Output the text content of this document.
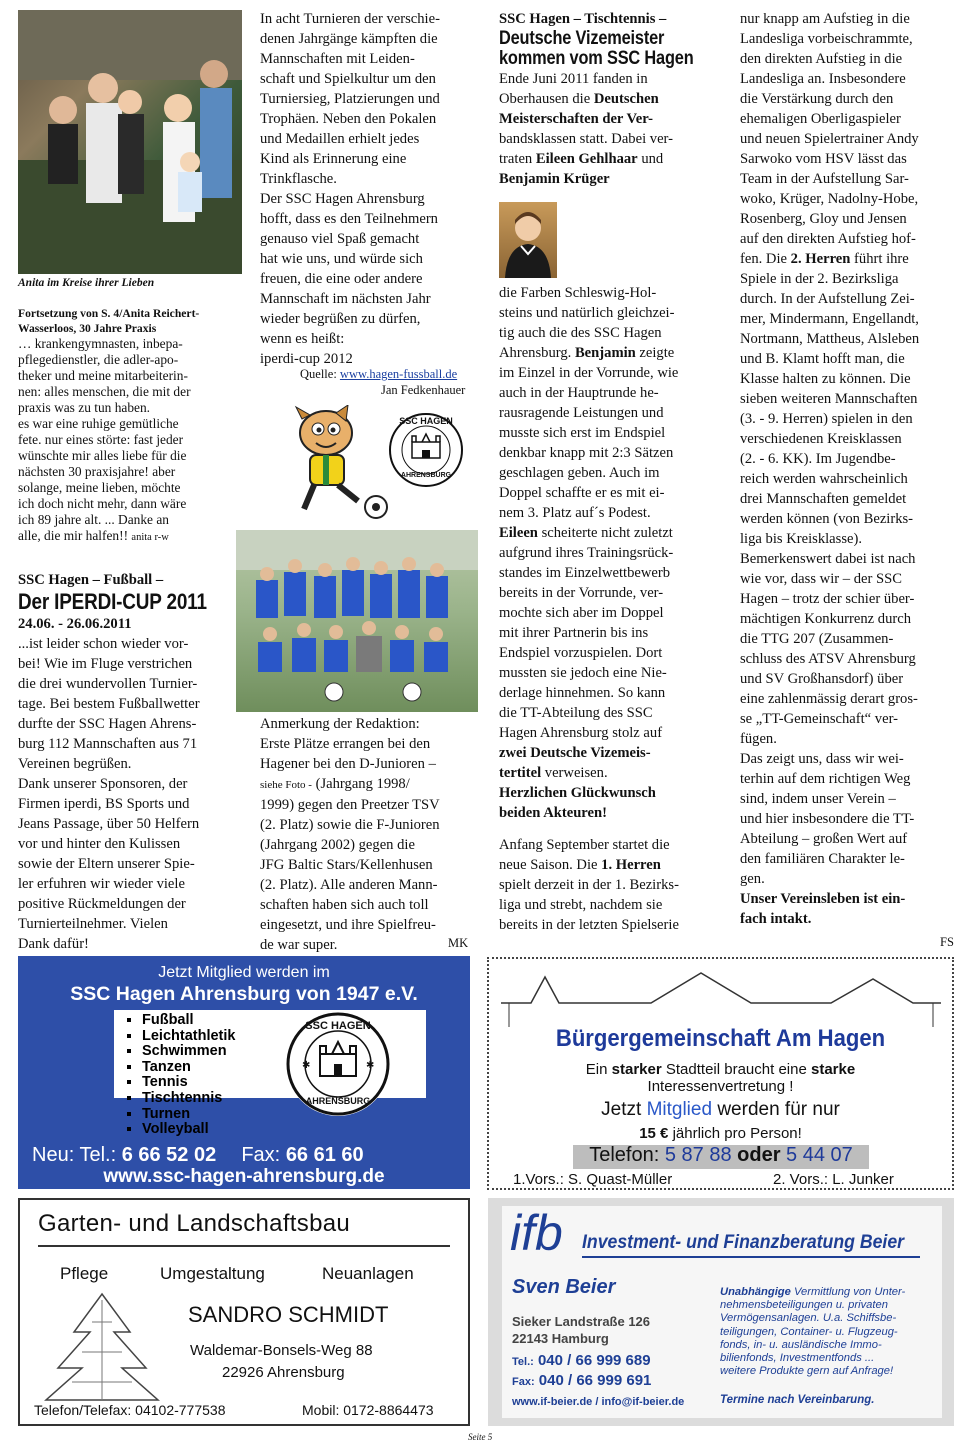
Anita im Kreise ihrer Lieben
Fortsetzung von S. 4/Anita Reichert-Wasserloos, 30 Jahre Praxis
… krankengymnasten, inbepa-
pflegedienstler, die adler-apo-
theker und meine mitarbeiterin-
nen: alles menschen, die mit der
praxis was zu tun haben.
es war eine ruhige gemütliche
fete. nur eines störte: fast jeder
wünschte mir alles liebe für die
nächsten 30 praxisjahre! aber
solange, meine lieben, möchte
ich doch nicht mehr, dann wäre
ich 89 jahre alt. ... Danke an
alle, die mir halfen!! anita r-w
SSC Hagen – Fußball –
Der IPERDI-CUP 2011
24.06. - 26.06.2011
...ist leider schon wieder vor-
bei! Wie im Fluge verstrichen
die drei wundervollen Turnier-
tage. Bei bestem Fußballwetter
durfte der SSC Hagen Ahrens-
burg 112 Mannschaften aus 71
Vereinen begrüßen.
Dank unserer Sponsoren, der
Firmen iperdi, BS Sports und
Jeans Passage, über 50 Helfern
vor und hinter den Kulissen
sowie der Eltern unserer Spie-
ler erfuhren wir wieder viele
positive Rückmeldungen der
Turnierteilnehmer. Vielen
Dank dafür!
In acht Turnieren der verschie-
denen Jahrgänge kämpften die
Mannschaften mit Leiden-
schaft und Spielkultur um den
Turniersieg, Platzierungen und
Trophäen. Neben den Pokalen
und Medaillen erhielt jedes
Kind als Erinnerung eine
Trinkflasche.
Der SSC Hagen Ahrensburg
hofft, dass es den Teilnehmern
genauso viel Spaß gemacht
hat wie uns, und würde sich
freuen, die eine oder andere
Mannschaft im nächsten Jahr
wieder begrüßen zu dürfen,
wenn es heißt:
iperdi-cup 2012
Quelle: www.hagen-fussball.de
Jan Fedkenhauer
SSC HAGEN
AHRENSBURG
Anmerkung der Redaktion:
Erste Plätze errangen bei den
Hagener bei den D-Junioren –
siehe Foto - (Jahrgang 1998/
1999) gegen den Preetzer TSV
(2. Platz) sowie die F-Junioren
(Jahrgang 2002) gegen die
JFG Baltic Stars/Kellenhusen
(2. Platz). Alle anderen Mann-
schaften haben sich auch toll
eingesetzt, und ihre Spielfreu-
de war super.	MK
SSC Hagen – Tischtennis –
Deutsche Vizemeister
kommen vom SSC Hagen
Ende Juni 2011 fanden in
Oberhausen die Deutschen
Meisterschaften der Ver-
bandsklassen statt. Dabei ver-
traten Eileen Gehlhaar und
Benjamin Krüger
die Farben Schleswig-Hol-
steins und natürlich gleichzei-
tig auch die des SSC Hagen
Ahrensburg. Benjamin zeigte
im Einzel in der Vorrunde, wie
auch in der Hauptrunde he-
rausragende Leistungen und
musste sich erst im Endspiel
denkbar knapp mit 2:3 Sätzen
geschlagen geben. Auch im
Doppel schaffte er es mit ei-
nem 3. Platz auf´s Podest.
Eileen scheiterte nicht zuletzt
aufgrund ihres Trainingsrück-
standes im Einzelwettbewerb
bereits in der Vorrunde, ver-
mochte sich aber im Doppel
mit ihrer Partnerin bis ins
Endspiel vorzuspielen. Dort
mussten sie jedoch eine Nie-
derlage hinnehmen. So kann
die TT-Abteilung des SSC
Hagen Ahrensburg stolz auf
zwei Deutsche Vizemeis-
tertitel verweisen.
Herzlichen Glückwunsch
beiden Akteuren!
Anfang September startet die
neue Saison. Die 1. Herren
spielt derzeit in der 1. Bezirks-
liga und strebt, nachdem sie
bereits in der letzten Spielserie
nur knapp am Aufstieg in die
Landesliga vorbeischrammte,
den direkten Aufstieg in die
Landesliga an. Insbesondere
die Verstärkung durch den
ehemaligen Oberligaspieler
und neuen Spielertrainer Andy
Sarwoko vom HSV lässt das
Team in der Aufstellung Sar-
woko, Krüger, Nadolny-Hobe,
Rosenberg, Gloy und Jensen
auf den direkten Aufstieg hof-
fen. Die 2. Herren führt ihre
Spiele in der 2. Bezirksliga
durch. In der Aufstellung Zei-
mer, Mindermann, Engellandt,
Nortmann, Mattheus, Alsleben
und B. Klamt hofft man, die
Klasse halten zu können. Die
sieben weiteren Mannschaften
(3. - 9. Herren) spielen in den
verschiedenen Kreisklassen
(2. - 6. KK). Im Jugendbe-
reich werden wahrscheinlich
drei Mannschaften gemeldet
werden können (von Bezirks-
liga bis Kreisklasse).
Bemerkenswert dabei ist nach
wie vor, dass wir – der SSC
Hagen – trotz der schier über-
mächtigen Konkurrenz durch
die TTG 207 (Zusammen-
schluss des ATSV Ahrensburg
und SV Großhansdorf) über
eine zahlenmässig derart gros-
se „TT-Gemeinschaft“ ver-
fügen.
Das zeigt uns, dass wir wei-
terhin auf dem richtigen Weg
sind, indem unser Verein –
und hier insbesondere die TT-
Abteilung – großen Wert auf
den familiären Charakter le-
gen.
Unser Vereinsleben ist ein-
fach intakt.
FS
Jetzt Mitglied werden im
SSC Hagen Ahrensburg von 1947 e.V.
▪ Fußball
▪ Leichtathletik
▪ Schwimmen
▪ Tanzen
▪ Tennis
▪ Tischtennis
▪ Turnen
▪ Volleyball
✱	✱
SSC HAGEN
AHRENSBURG
Neu: Tel.: 6 66 52 02 Fax: 66 61 60
www.ssc-hagen-ahrensburg.de
Bürgergemeinschaft Am Hagen
Ein starker Stadtteil braucht eine starke
Interessenvertretung !
Jetzt Mitglied werden für nur
15 € jährlich pro Person!
Telefon: 5 87 88 oder 5 44 07
1.Vors.: S. Quast-Müller	2. Vors.: L. Junker
Garten- und Landschaftsbau
Pflege	Umgestaltung	Neuanlagen
SANDRO SCHMIDT
Waldemar-Bonsels-Weg 88
22926 Ahrensburg
Telefon/Telefax: 04102-777538	Mobil: 0172-8864473
ifb Investment- und Finanzberatung Beier
Sven Beier
Sieker Landstraße 126
22143 Hamburg
Tel.: 040 / 66 999 689
Fax: 040 / 66 999 691
www.if-beier.de / info@if-beier.de
Unabhängige Vermittlung von Unter-
nehmensbeteiligungen u. privaten
Vermögensanlagen. U.a. Schiffsbe-
teiligungen, Container- u. Flugzeug-
fonds, in- u. ausländische Immo-
bilienfonds, Investmentfonds ...
weitere Produkte gern auf Anfrage!
Termine nach Vereinbarung.
Seite 5
